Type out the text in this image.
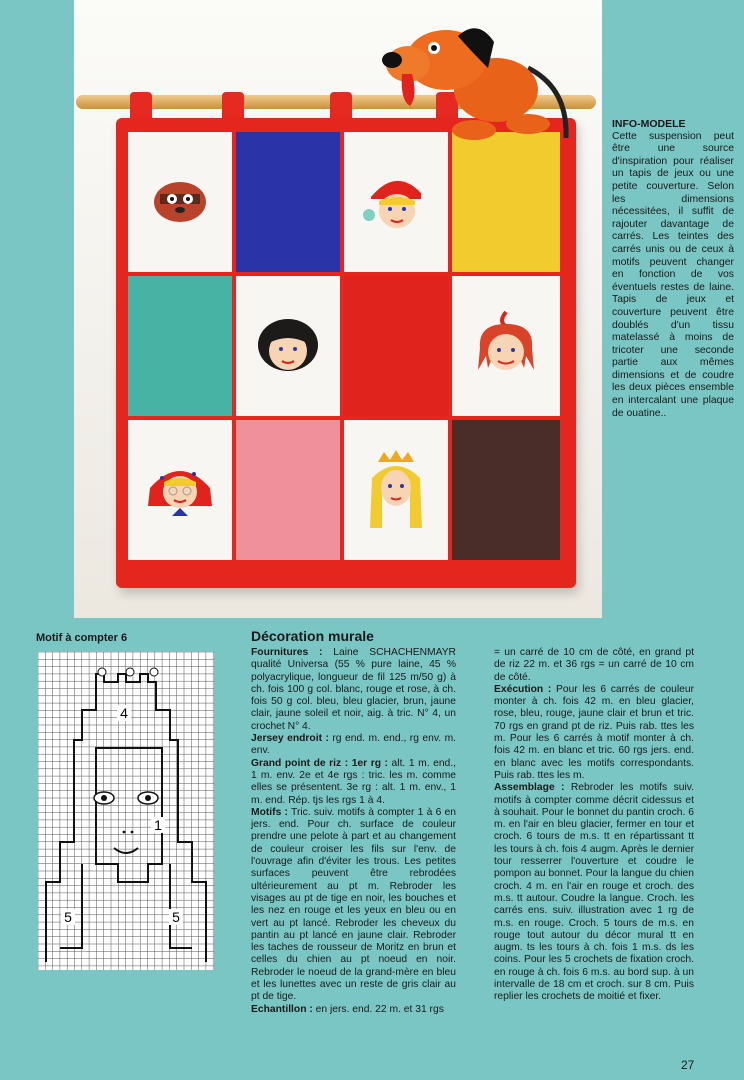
INFO-MODELE
Cette suspension peut être une source d'inspiration pour réaliser un tapis de jeux ou une petite couverture. Selon les dimensions nécessitées, il suffit de rajouter davantage de carrés. Les teintes des carrés unis ou de ceux à motifs peuvent changer en fonction de vos éventuels restes de laine. Tapis de jeux et couverture peuvent être doublés d'un tissu matelassé à moins de tricoter une seconde partie aux mêmes dimensions et de coudre les deux pièces ensemble en intercalant une plaque de ouatine..
Motif à compter 6
4
1
5	5
Décoration murale

Fournitures : Laine SCHACHENMAYR qualité Universa (55 % pure laine, 45 % polyacrylique, longueur de fil 125 m/50 g) à ch. fois 100 g col. blanc, rouge et rose, à ch. fois 50 g col. bleu, bleu glacier, brun, jaune clair, jaune soleil et noir, aig. à tric. N° 4, un crochet N° 4.

Jersey endroit : rg end. m. end., rg env. m. env.

Grand point de riz : 1er rg : alt. 1 m. end., 1 m. env. 2e et 4e rgs : tric. les m. comme elles se présentent. 3e rg : alt. 1 m. env., 1 m. end. Rép. tjs les rgs 1 à 4.

Motifs : Tric. suiv. motifs à compter 1 à 6 en jers. end. Pour ch. surface de couleur prendre une pelote à part et au changement de couleur croiser les fils sur l'env. de l'ouvrage afin d'éviter les trous. Les petites surfaces peuvent être rebrodées ultérieurement au pt m. Rebroder les visages au pt de tige en noir, les bouches et les nez en rouge et les yeux en bleu ou en vert au pt lancé. Rebroder les cheveux du pantin au pt lancé en jaune clair. Rebroder les taches de rousseur de Moritz en brun et celles du chien au pt noeud en noir. Rebroder le noeud de la grand-mère en bleu et les lunettes avec un reste de gris clair au pt de tige.

Echantillon : en jers. end. 22 m. et 31 rgs

= un carré de 10 cm de côté, en grand pt de riz 22 m. et 36 rgs = un carré de 10 cm de côté.

Exécution : Pour les 6 carrés de couleur monter à ch. fois 42 m. en bleu glacier, rose, bleu, rouge, jaune clair et brun et tric. 70 rgs en grand pt de riz. Puis rab. ttes les m. Pour les 6 carrés à motif monter à ch. fois 42 m. en blanc et tric. 60 rgs jers. end. en blanc avec les motifs correspondants. Puis rab. ttes les m.

Assemblage : Rebroder les motifs suiv. motifs à compter comme décrit cidessus et à souhait. Pour le bonnet du pantin croch. 6 m. en l'air en bleu glacier, fermer en tour et croch. 6 tours de m.s. tt en répartissant tt les tours à ch. fois 4 augm. Après le dernier tour resserrer l'ouverture et coudre le pompon au bonnet. Pour la langue du chien croch. 4 m. en l'air en rouge et croch. des m.s. tt autour. Coudre la langue. Croch. les carrés ens. suiv. illustration avec 1 rg de m.s. en rouge. Croch. 5 tours de m.s. en rouge tout autour du décor mural tt en augm. ts les tours à ch. fois 1 m.s. ds les coins. Pour les 5 crochets de fixation croch. en rouge à ch. fois 6 m.s. au bord sup. à un intervalle de 18 cm et croch. sur 8 cm. Puis replier les crochets de moitié et fixer.

27
